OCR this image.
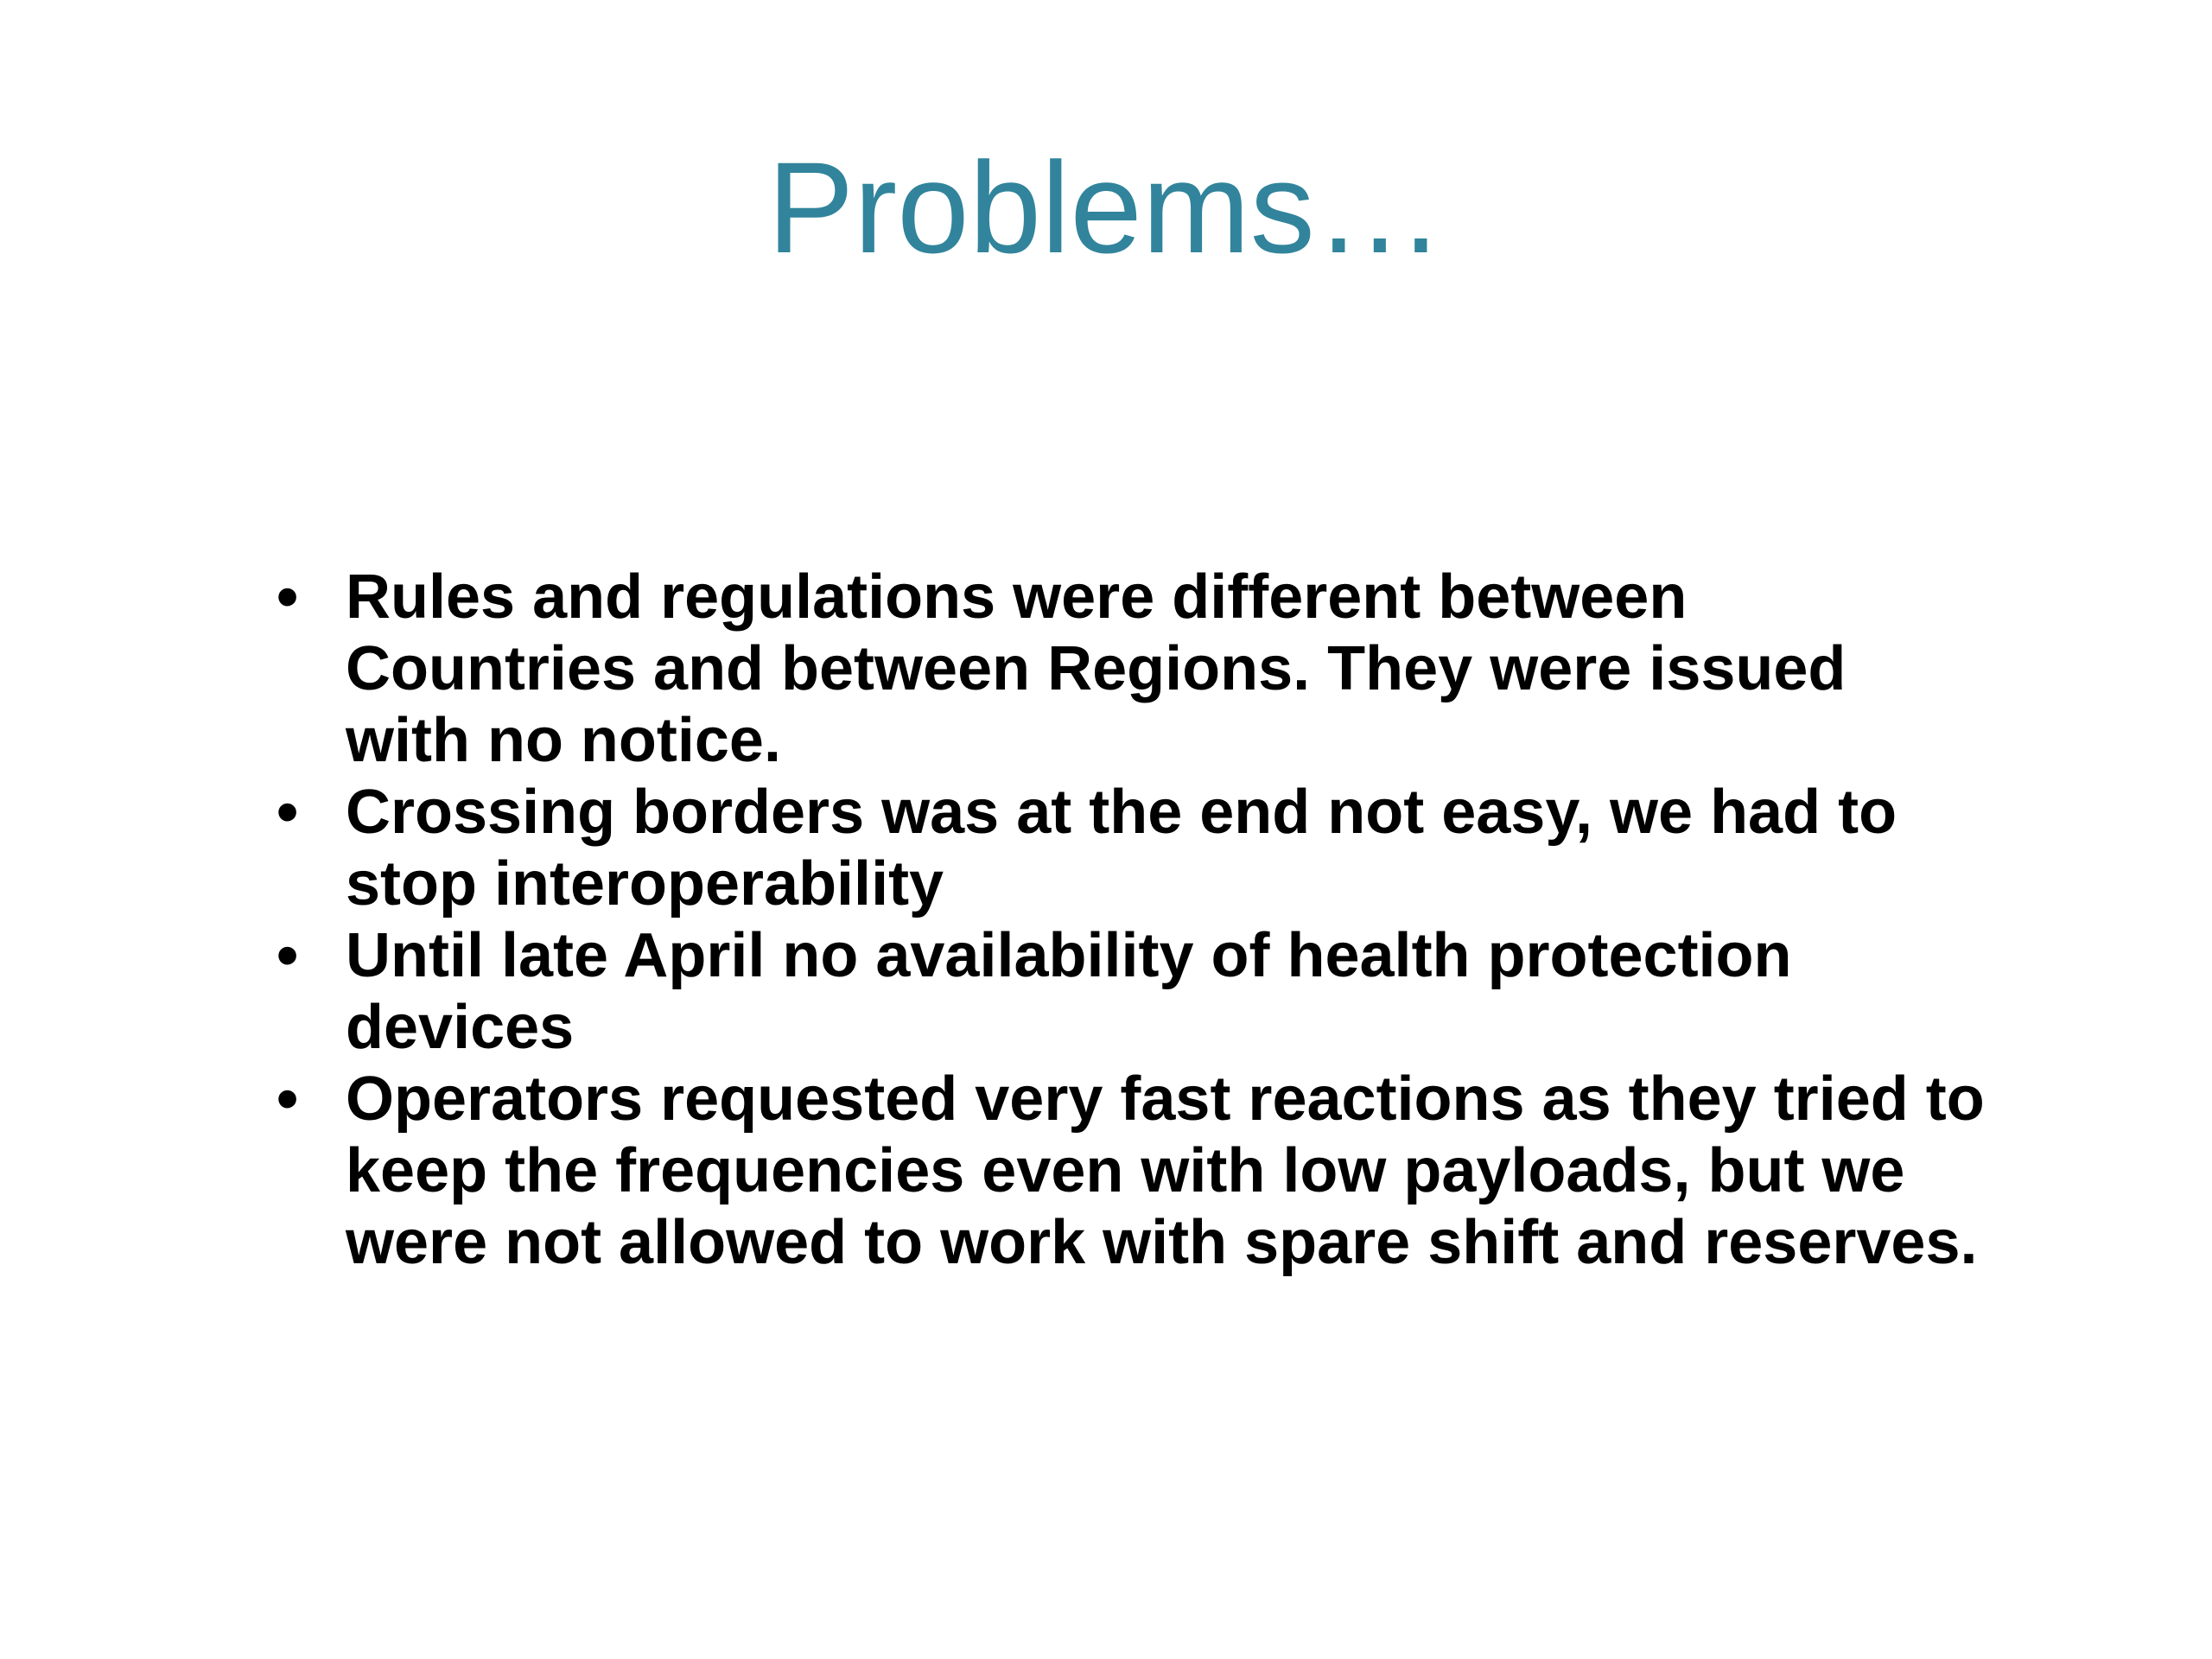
Problems…
• Rules and regulations were different between Countries and between Regions. They were issued with no notice.
• Crossing borders was at the end not easy, we had to stop interoperability
• Until late April no availability of health protection devices
• Operators requested very fast reactions as they tried to keep the frequencies even with low payloads, but we were not allowed to work with spare shift and reserves.
